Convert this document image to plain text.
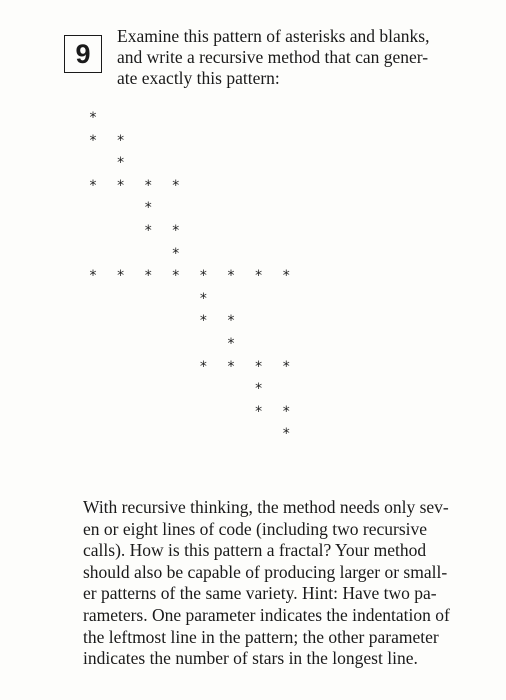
9

Examine this pattern of asterisks and blanks,
and write a recursive method that can gener-
ate exactly this pattern:

*
* *
*
* * * *
*
* *
*
* * * * * * * *
*
* *
*
* * * *
*
* *
*

With recursive thinking, the method needs only sev-
en or eight lines of code (including two recursive
calls). How is this pattern a fractal? Your method
should also be capable of producing larger or small-
er patterns of the same variety. Hint: Have two pa-
rameters. One parameter indicates the indentation of
the leftmost line in the pattern; the other parameter
indicates the number of stars in the longest line.
